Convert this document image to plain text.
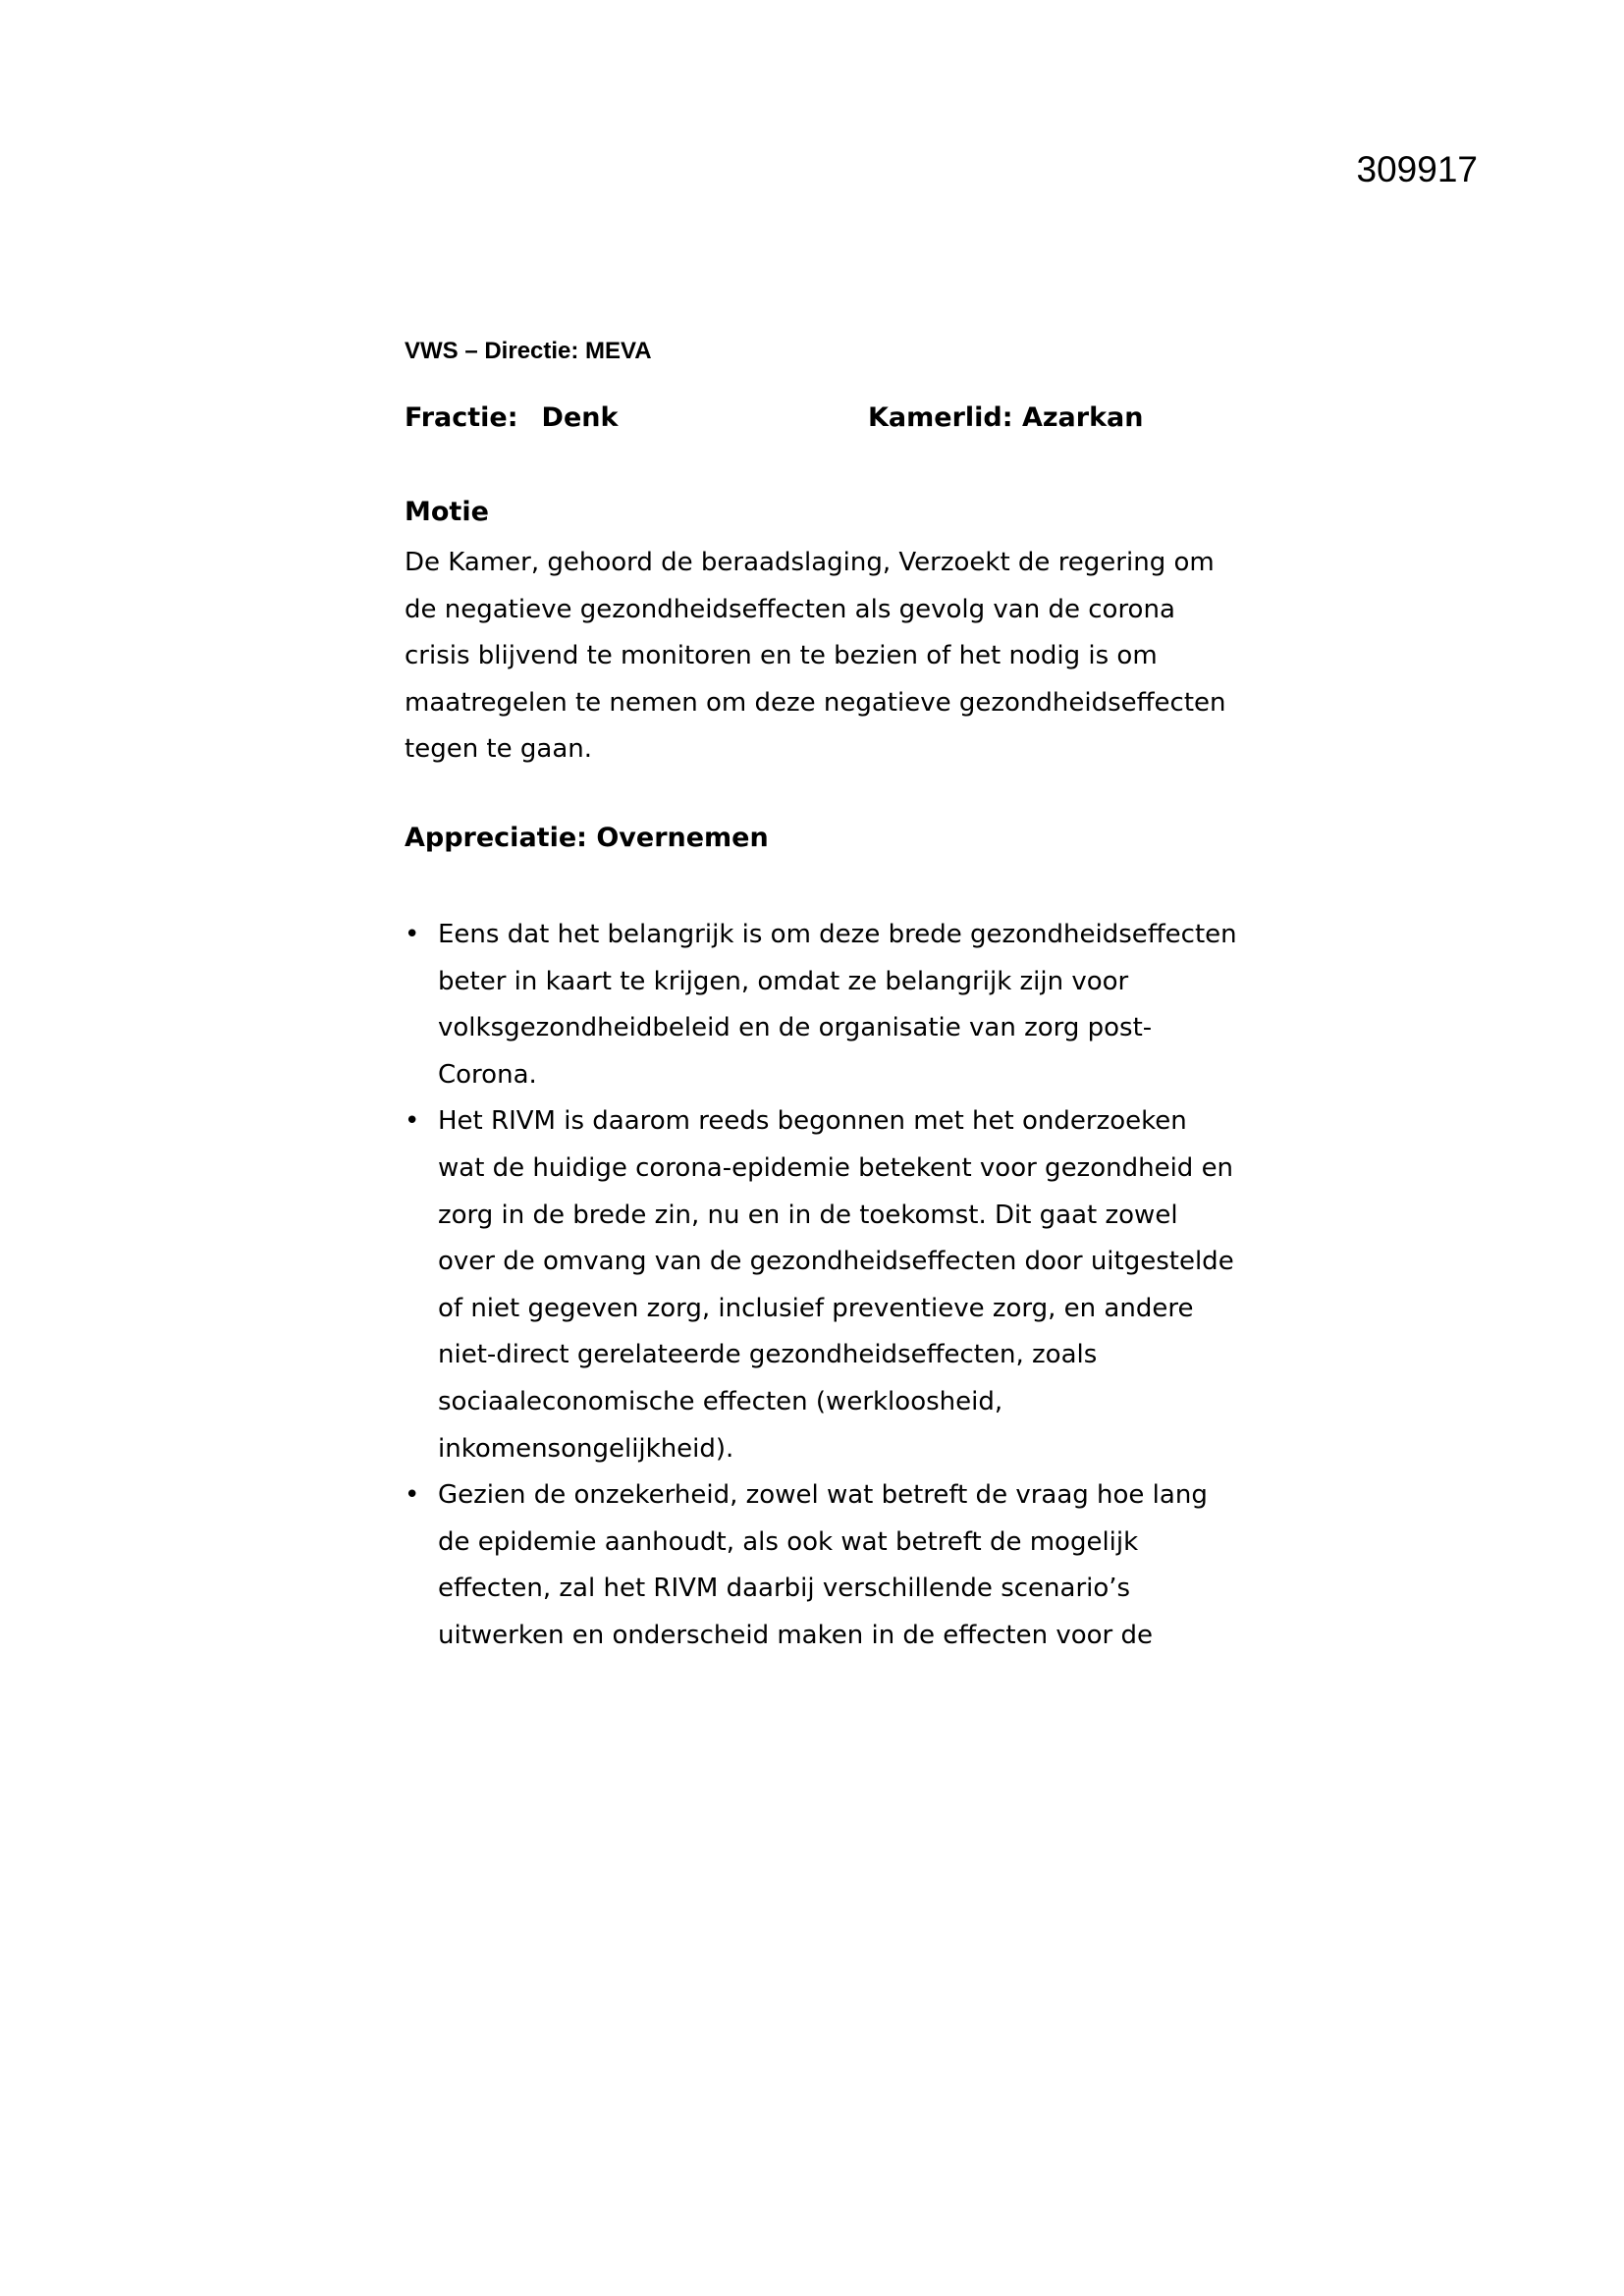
309917
VWS – Directie: MEVA
Fractie: Denk	Kamerlid: Azarkan
Motie

De Kamer, gehoord de beraadslaging, Verzoekt de regering om de negatieve gezondheidseffecten als gevolg van de corona crisis blijvend te monitoren en te bezien of het nodig is om maatregelen te nemen om deze negatieve gezondheidseffecten tegen te gaan.

Appreciatie: Overnemen
• Eens dat het belangrijk is om deze brede gezondheidseffecten beter in kaart te krijgen, omdat ze belangrijk zijn voor volksgezondheidbeleid en de organisatie van zorg post-Corona.
• Het RIVM is daarom reeds begonnen met het onderzoeken wat de huidige corona-epidemie betekent voor gezondheid en zorg in de brede zin, nu en in de toekomst. Dit gaat zowel over de omvang van de gezondheidseffecten door uitgestelde of niet gegeven zorg, inclusief preventieve zorg, en andere niet-direct gerelateerde gezondheidseffecten, zoals sociaaleconomische effecten (werkloosheid, inkomensongelijkheid).
• Gezien de onzekerheid, zowel wat betreft de vraag hoe lang de epidemie aanhoudt, als ook wat betreft de mogelijk effecten, zal het RIVM daarbij verschillende scenario’s uitwerken en onderscheid maken in de effecten voor de
